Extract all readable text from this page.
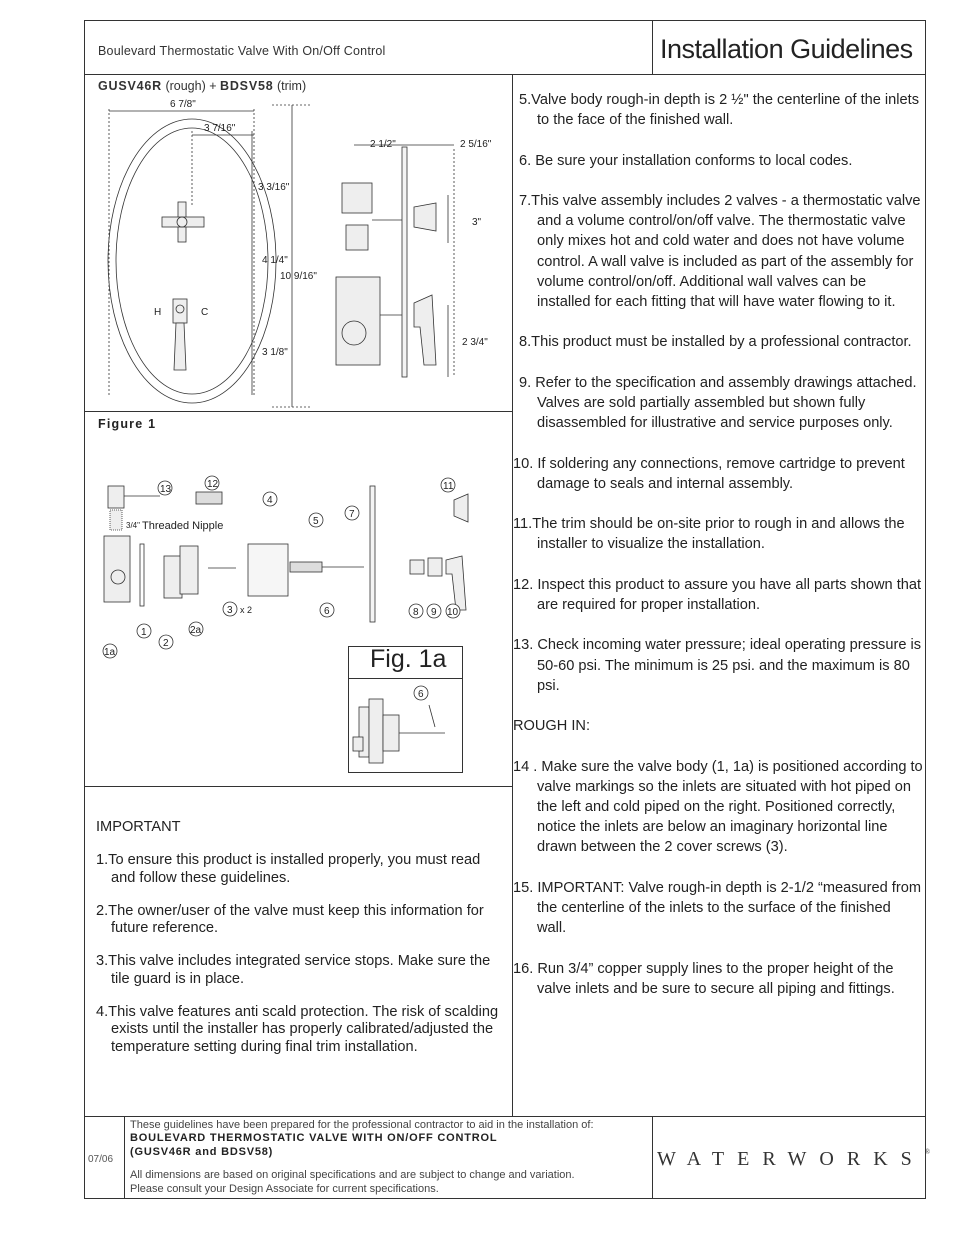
Boulevard Thermostatic Valve With On/Off Control	Installation Guidelines
GUSV46R (rough) + BDSV58 (trim)
6 7/8"
3 7/16"
3 3/16"
4 1/4"
10 9/16"
3 1/8"
2 1/2"	2 5/16"
3"
2 3/4"
H	C
Figure 1
13	12
4
5
7
11
1
2
2a
3	6	8 9 10
1a
3/4" Threaded Nipple
x 2
Fig. 1a
6
5.Valve body rough-in depth is 2 ½" the centerline of the inlets to the face of the finished wall.
6. Be sure your installation conforms to local codes.
7.This valve assembly includes 2 valves - a thermostatic valve and a volume control/on/off valve. The thermostatic valve only mixes hot and cold water and does not have volume control. A wall valve is included as part of the assembly for volume control/on/off. Additional wall valves can be installed for each fitting that will have water flowing to it.
8.This product must be installed by a professional contractor.
9. Refer to the specification and assembly drawings attached. Valves are sold partially assembled but shown fully disassembled for illustrative and service purposes only.
10. If soldering any connections, remove cartridge to prevent damage to seals and internal assembly.
11.The trim should be on-site prior to rough in and allows the installer to visualize the installation.
12. Inspect this product to assure you have all parts shown that are required for proper installation.
13. Check incoming water pressure; ideal operating pressure is 50-60 psi. The minimum is 25 psi. and the maximum is 80 psi.
ROUGH IN:
14 . Make sure the valve body (1, 1a) is positioned according to valve markings so the inlets are situated with hot piped on the left and cold piped on the right. Positioned correctly, notice the inlets are below an imaginary horizontal line drawn between the 2 cover screws (3).
15. IMPORTANT: Valve rough-in depth is 2-1/2 “measured from the centerline of the inlets to the surface of the finished wall.
16. Run 3/4” copper supply lines to the proper height of the valve inlets and be sure to secure all piping and fittings.
IMPORTANT
1.To ensure this product is installed properly, you must read and follow these guidelines.
2.The owner/user of the valve must keep this information for future reference.
3.This valve includes integrated service stops. Make sure the tile guard is in place.
4.This valve features anti scald protection. The risk of scalding exists until the installer has properly calibrated/adjusted the temperature setting during final trim installation.
07/06
These guidelines have been prepared for the professional contractor to aid in the installation of:
BOULEVARD THERMOSTATIC VALVE WITH ON/OFF CONTROL
(GUSV46R and BDSV58)
All dimensions are based on original specifications and are subject to change and variation.
Please consult your Design Associate for current specifications.
WATERWORKS®
